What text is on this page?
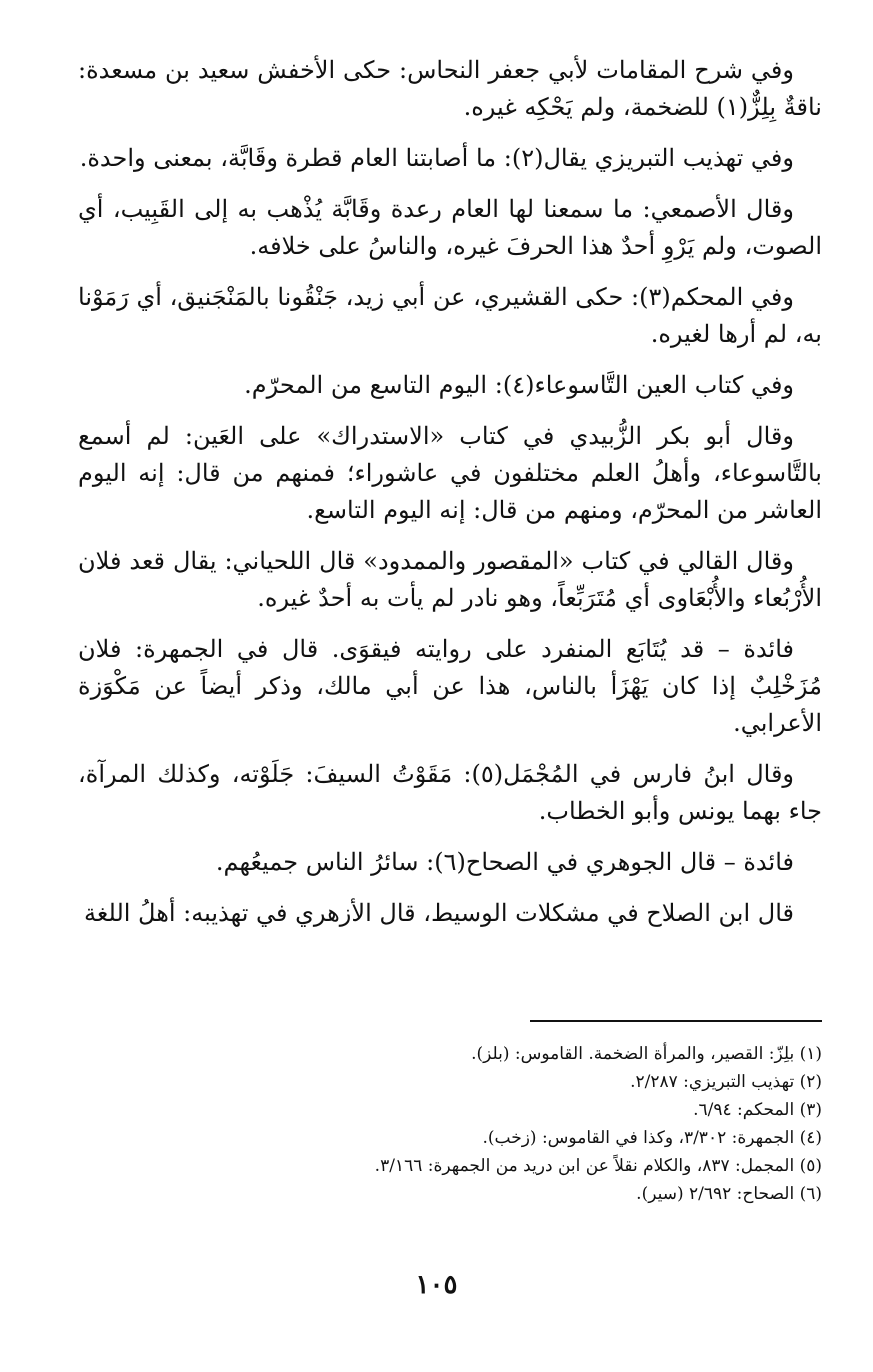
وفي شرح المقامات لأبي جعفر النحاس: حكى الأخفش سعيد بن مسعدة: ناقةٌ بِلِزٌّ(١) للضخمة، ولم يَحْكِه غيره.

وفي تهذيب التبريزي يقال(٢): ما أصابتنا العام قطرة وقَابَّة، بمعنى واحدة.

وقال الأصمعي: ما سمعنا لها العام رعدة وقَابَّة يُذْهب به إلى القَبِيب، أي الصوت، ولم يَرْوِ أحدٌ هذا الحرفَ غيره، والناسُ على خلافه.

وفي المحكم(٣): حكى القشيري، عن أبي زيد، جَنْقُونا بالمَنْجَنيق، أي رَمَوْنا به، لم أرها لغيره.

وفي كتاب العين التَّاسوعاء(٤): اليوم التاسع من المحرّم.

وقال أبو بكر الزُّبيدي في كتاب «الاستدراك» على العَين: لم أسمع بالتَّاسوعاء، وأهلُ العلم مختلفون في عاشوراء؛ فمنهم من قال: إنه اليوم العاشر من المحرّم، ومنهم من قال: إنه اليوم التاسع.

وقال القالي في كتاب «المقصور والممدود» قال اللحياني: يقال قعد فلان الأُرْبُعاء والأُبْعَاوى أي مُتَرَبِّعاً، وهو نادر لم يأت به أحدٌ غيره.

فائدة – قد يُتَابَع المنفرد على روايته فيقوَى. قال في الجمهرة: فلان مُزَخْلِبٌ إذا كان يَهْزَأ بالناس، هذا عن أبي مالك، وذكر أيضاً عن مَكْوَزة الأعرابي.

وقال ابنُ فارس في المُجْمَل(٥): مَقَوْتُ السيفَ: جَلَوْته، وكذلك المرآة، جاء بهما يونس وأبو الخطاب.

فائدة – قال الجوهري في الصحاح(٦): سائرُ الناس جميعُهم.

قال ابن الصلاح في مشكلات الوسيط، قال الأزهري في تهذيبه: أهلُ اللغة

(١) بلِزّ: القصير، والمرأة الضخمة. القاموس: (بلز).

(٢) تهذيب التبريزي: ٢/٢٨٧.

(٣) المحكم: ٦/٩٤.

(٤) الجمهرة: ٣/٣٠٢، وكذا في القاموس: (زخب).

(٥) المجمل: ٨٣٧، والكلام نقلاً عن ابن دريد من الجمهرة: ٣/١٦٦.

(٦) الصحاح: ٢/٦٩٢ (سير).

١٠٥
